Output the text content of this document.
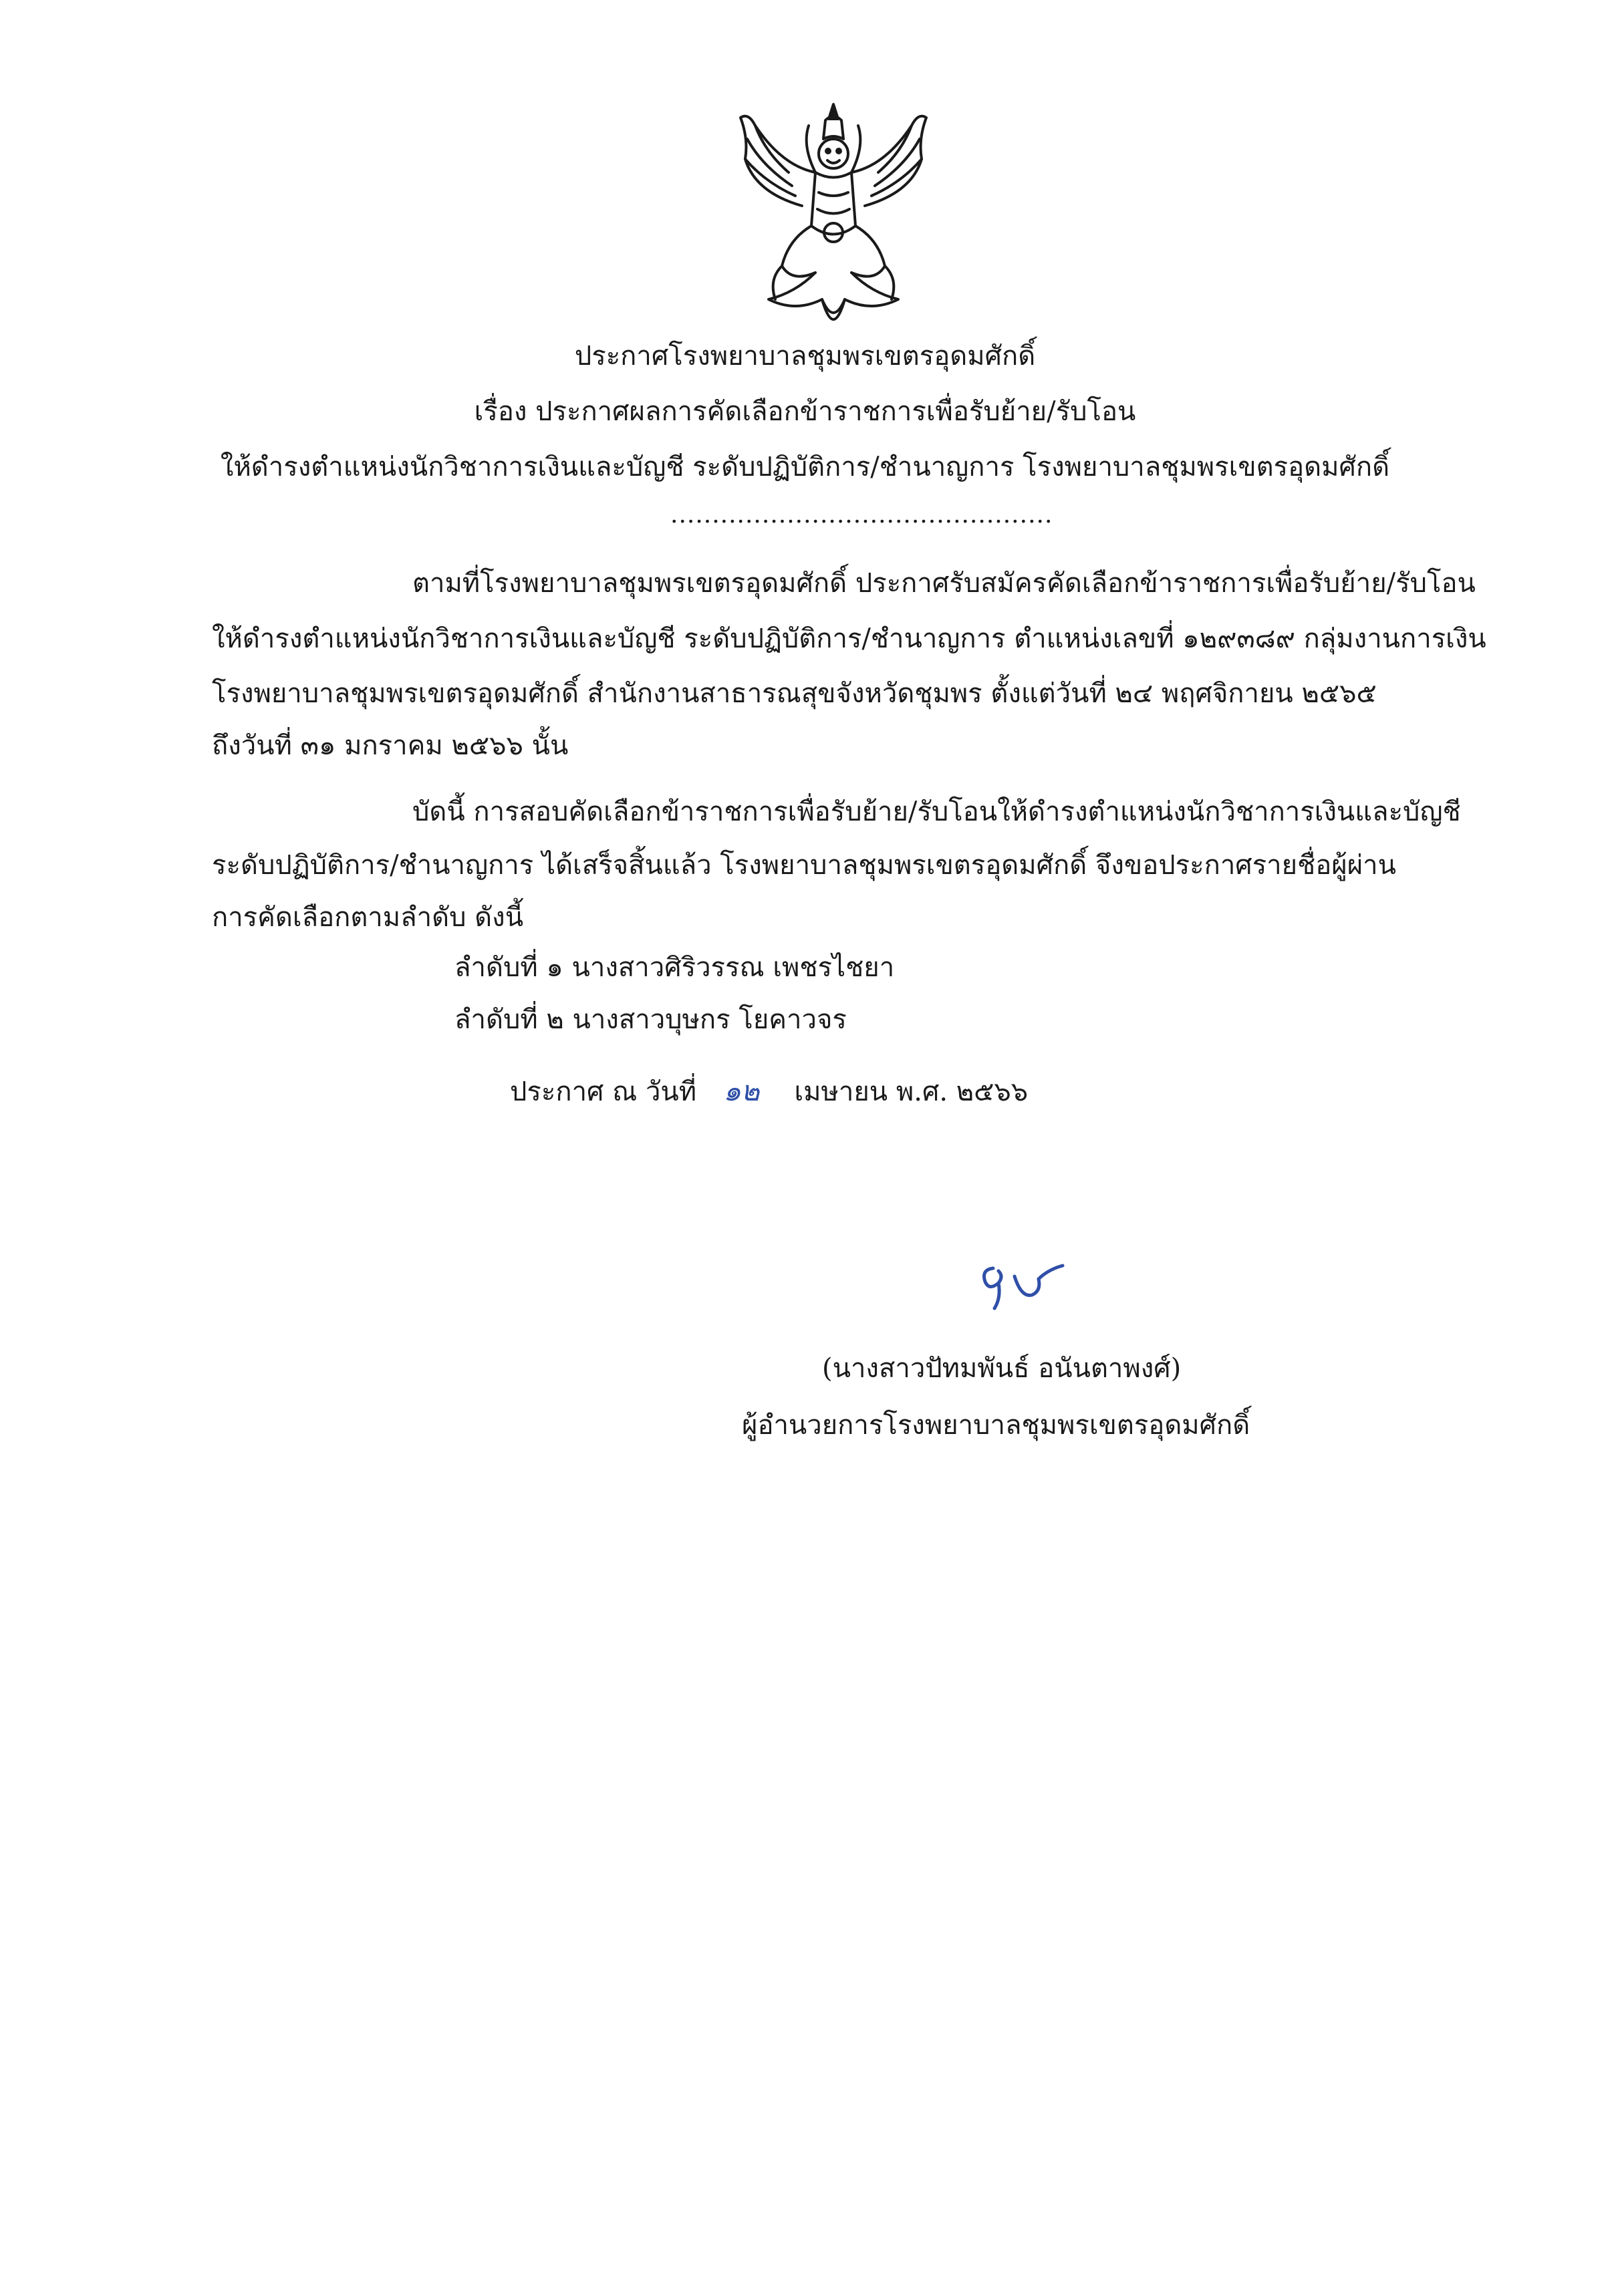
ประกาศโรงพยาบาลชุมพรเขตรอุดมศักดิ์
เรื่อง ประกาศผลการคัดเลือกข้าราชการเพื่อรับย้าย/รับโอน
ให้ดำรงตำแหน่งนักวิชาการเงินและบัญชี ระดับปฏิบัติการ/ชำนาญการ โรงพยาบาลชุมพรเขตรอุดมศักดิ์
..............................................
ตามที่โรงพยาบาลชุมพรเขตรอุดมศักดิ์ ประกาศรับสมัครคัดเลือกข้าราชการเพื่อรับย้าย/รับโอน
ให้ดำรงตำแหน่งนักวิชาการเงินและบัญชี ระดับปฏิบัติการ/ชำนาญการ ตำแหน่งเลขที่ ๑๒๙๓๘๙ กลุ่มงานการเงิน
โรงพยาบาลชุมพรเขตรอุดมศักดิ์ สำนักงานสาธารณสุขจังหวัดชุมพร ตั้งแต่วันที่ ๒๔ พฤศจิกายน ๒๕๖๕
ถึงวันที่ ๓๑ มกราคม ๒๕๖๖ นั้น
บัดนี้ การสอบคัดเลือกข้าราชการเพื่อรับย้าย/รับโอนให้ดำรงตำแหน่งนักวิชาการเงินและบัญชี
ระดับปฏิบัติการ/ชำนาญการ ได้เสร็จสิ้นแล้ว โรงพยาบาลชุมพรเขตรอุดมศักดิ์ จึงขอประกาศรายชื่อผู้ผ่าน
การคัดเลือกตามลำดับ ดังนี้
ลำดับที่ ๑ นางสาวศิริวรรณ เพชรไชยา
ลำดับที่ ๒ นางสาวบุษกร โยคาวจร
ประกาศ ณ วันที่ ๑๒ เมษายน พ.ศ. ๒๕๖๖
(นางสาวปัทมพันธ์ อนันตาพงศ์)
ผู้อำนวยการโรงพยาบาลชุมพรเขตรอุดมศักดิ์
